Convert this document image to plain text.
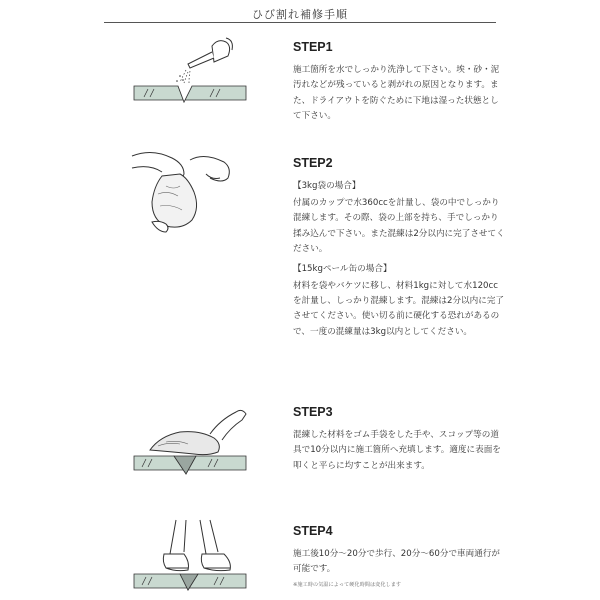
ひび割れ補修手順
STEP1
施工箇所を水でしっかり洗浄して下さい。埃・砂・泥汚れなどが残っていると剥がれの原因となります。また、ドライアウトを防ぐために下地は湿った状態として下さい。
STEP2
【3kg袋の場合】
付属のカップで水360ccを計量し、袋の中でしっかり混練します。その際、袋の上部を持ち、手でしっかり揉み込んで下さい。また混練は2分以内に完了させてください。
【15kgペール缶の場合】
材料を袋やバケツに移し、材料1kgに対して水120ccを計量し、しっかり混練します。混練は2分以内に完了させてください。使い切る前に硬化する恐れがあるので、一度の混練量は3kg以内としてください。
STEP3
混練した材料をゴム手袋をした手や、スコップ等の道具で10分以内に施工箇所へ充填します。適度に表面を叩くと平らに均すことが出来ます。
STEP4
施工後10分～20分で歩行、20分～60分で車両通行が可能です。
※施工時の気温によって硬化時間は変化します
